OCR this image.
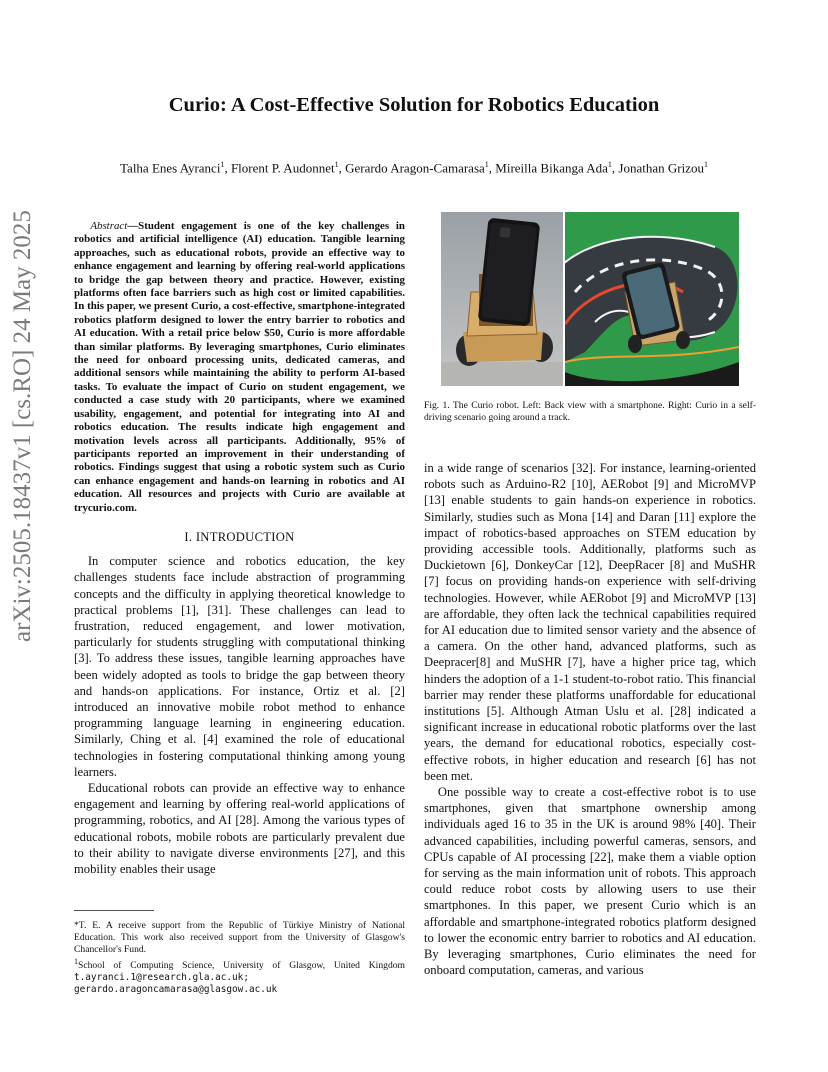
arXiv:2505.18437v1 [cs.RO] 24 May 2025
Curio: A Cost-Effective Solution for Robotics Education
Talha Enes Ayranci$^1$, Florent P. Audonnet$^1$, Gerardo Aragon-Camarasa$^1$, Mireilla Bikanga Ada$^1$, Jonathan Grizou$^1$

Abstract—Student engagement is one of the key challenges in robotics and artificial intelligence (AI) education. Tangible learning approaches, such as educational robots, provide an effective way to enhance engagement and learning by offering real-world applications to bridge the gap between theory and practice. However, existing platforms often face barriers such as high cost or limited capabilities. In this paper, we present Curio, a cost-effective, smartphone-integrated robotics platform designed to lower the entry barrier to robotics and AI education. With a retail price below $50, Curio is more affordable than similar platforms. By leveraging smartphones, Curio eliminates the need for onboard processing units, dedicated cameras, and additional sensors while maintaining the ability to perform AI-based tasks. To evaluate the impact of Curio on student engagement, we conducted a case study with 20 participants, where we examined usability, engagement, and potential for integrating into AI and robotics education. The results indicate high engagement and motivation levels across all participants. Additionally, 95% of participants reported an improvement in their understanding of robotics. Findings suggest that using a robotic system such as Curio can enhance engagement and hands-on learning in robotics and AI education. All resources and projects with Curio are available at trycurio.com.

I. INTRODUCTION

In computer science and robotics education, the key challenges students face include abstraction of programming concepts and the difficulty in applying theoretical knowledge to practical problems [1], [31]. These challenges can lead to frustration, reduced engagement, and lower motivation, particularly for students struggling with computational thinking [3]. To address these issues, tangible learning approaches have been widely adopted as tools to bridge the gap between theory and hands-on applications. For instance, Ortiz et al. [2] introduced an innovative mobile robot method to enhance programming language learning in engineering education. Similarly, Ching et al. [4] examined the role of educational technologies in fostering computational thinking among young learners.

Educational robots can provide an effective way to enhance engagement and learning by offering real-world applications of programming, robotics, and AI [28]. Among the various types of educational robots, mobile robots are particularly prevalent due to their ability to navigate diverse environments [27], and this mobility enables their usage

Fig. 1. The Curio robot. Left: Back view with a smartphone. Right: Curio in a self-driving scenario going around a track.

in a wide range of scenarios [32]. For instance, learning-oriented robots such as Arduino-R2 [10], AERobot [9] and MicroMVP [13] enable students to gain hands-on experience in robotics. Similarly, studies such as Mona [14] and Daran [11] explore the impact of robotics-based approaches on STEM education by providing accessible tools. Additionally, platforms such as Duckietown [6], DonkeyCar [12], DeepRacer [8] and MuSHR [7] focus on providing hands-on experience with self-driving technologies. However, while AERobot [9] and MicroMVP [13] are affordable, they often lack the technical capabilities required for AI education due to limited sensor variety and the absence of a camera. On the other hand, advanced platforms, such as Deepracer[8] and MuSHR [7], have a higher price tag, which hinders the adoption of a 1-1 student-to-robot ratio. This financial barrier may render these platforms unaffordable for educational institutions [5]. Although Atman Uslu et al. [28] indicated a significant increase in educational robotic platforms over the last years, the demand for educational robotics, especially cost-effective robots, in higher education and research [6] has not been met.

One possible way to create a cost-effective robot is to use smartphones, given that smartphone ownership among individuals aged 16 to 35 in the UK is around 98% [40]. Their advanced capabilities, including powerful cameras, sensors, and CPUs capable of AI processing [22], make them a viable option for serving as the main information unit of robots. This approach could reduce robot costs by allowing users to use their smartphones. In this paper, we present Curio which is an affordable and smartphone-integrated robotics platform designed to lower the economic entry barrier to robotics and AI education. By leveraging smartphones, Curio eliminates the need for onboard computation, cameras, and various

*T. E. A receive support from the Republic of Türkiye Ministry of National Education. This work also received support from the University of Glasgow's Chancellor's Fund.

$^1$School of Computing Science, University of Glasgow, United Kingdom t.ayranci.1@research.gla.ac.uk; gerardo.aragoncamarasa@glasgow.ac.uk
